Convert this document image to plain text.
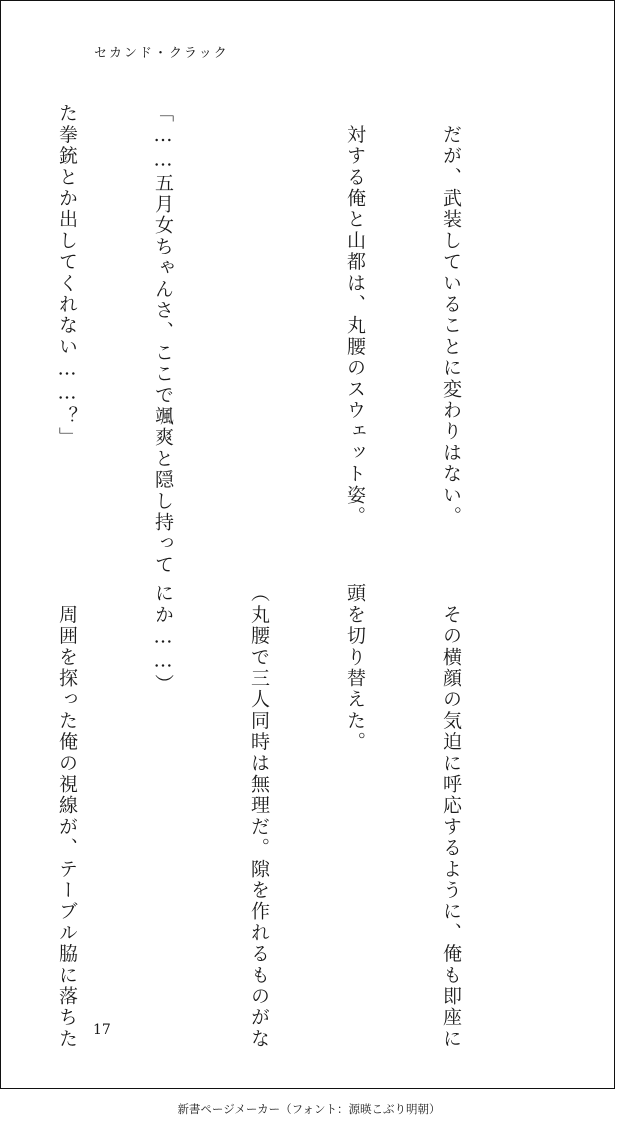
セカンド・クラック

　だが、武装していることに変わりはない。

　対する俺と山都は、丸腰のスウェット姿。

「……五月女ちゃんさ、ここで颯爽と隠し持って

た拳銃とか出してくれない……？」

　その横顔の気迫に呼応するように、俺も即座に

頭を切り替えた。

（丸腰で三人同時は無理だ。隙を作れるものがな

にか……）

　周囲を探った俺の視線が、テーブル脇に落ちた

	17
新書ページメーカー（フォント：源暎こぶり明朝）
